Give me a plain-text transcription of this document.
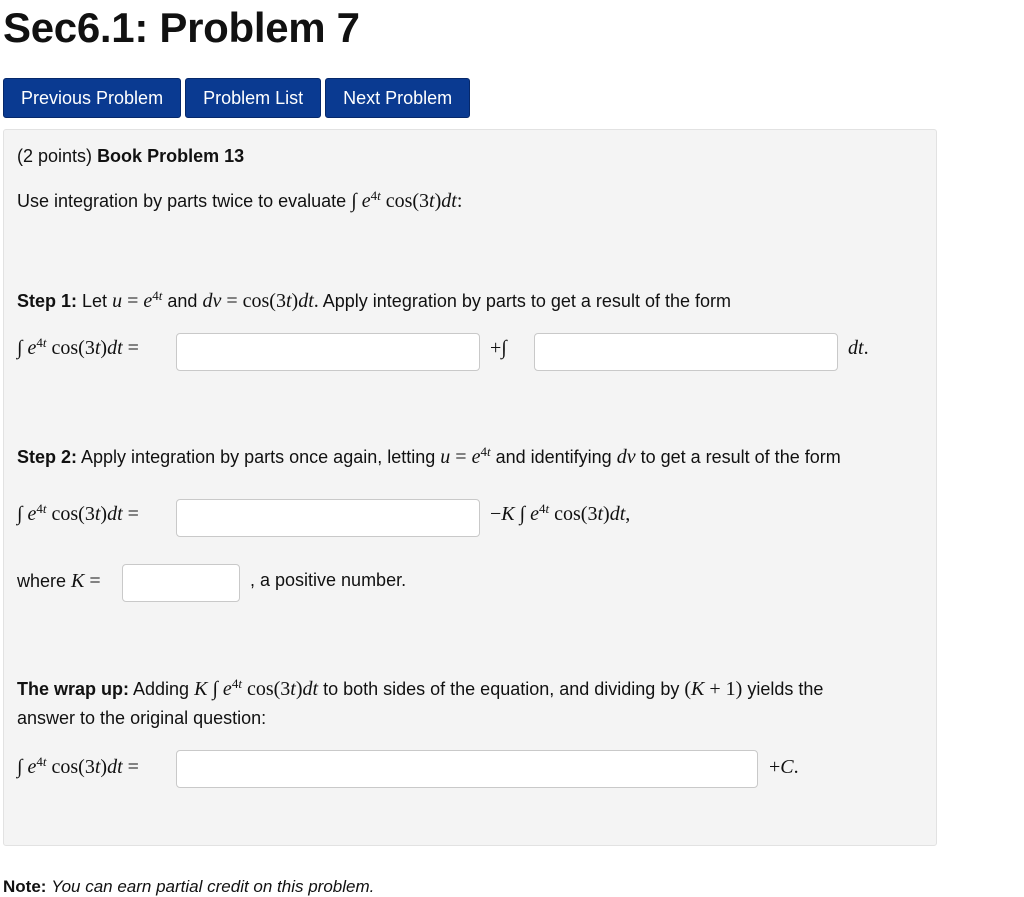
Sec6.1: Problem 7
Previous Problem	Problem List	Next Problem
(2 points) Book Problem 13
Use integration by parts twice to evaluate ∫ $e^{4t}$ cos(3t)dt:
Step 1: Let $u = e^{4t}$ and dv = cos(3t)dt. Apply integration by parts to get a result of the form
∫ $e^{4t}$ cos(3t)dt =	+∫	dt.
Step 2: Apply integration by parts once again, letting $u = e^{4t}$ and identifying dv to get a result of the form
∫ $e^{4t}$ cos(3t)dt =	−K ∫ $e^{4t}$ cos(3t)dt,
where K =	, a positive number.
The wrap up: Adding K ∫ $e^{4t}$ cos(3t)dt to both sides of the equation, and dividing by (K + 1) yields the
answer to the original question:
∫ $e^{4t}$ cos(3t)dt =	+C.
Note: You can earn partial credit on this problem.
